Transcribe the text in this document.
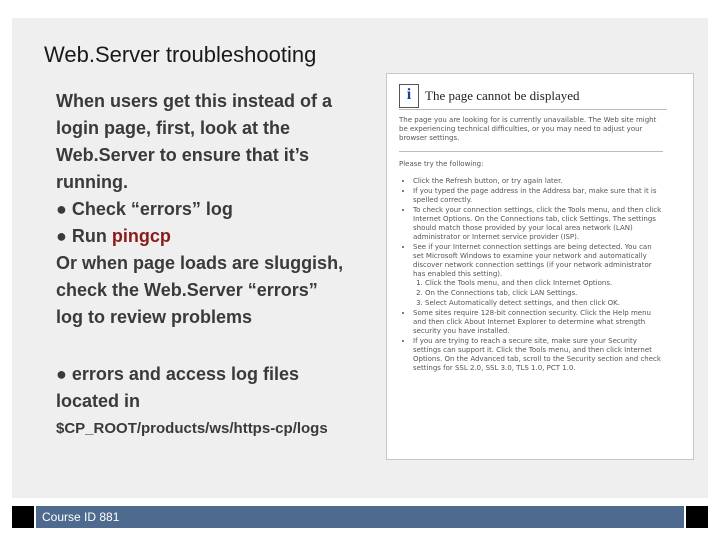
Web.Server troubleshooting
When users get this instead of a
login page, first, look at the
Web.Server to ensure that it’s
running.
● Check “errors” log
● Run pingcp
Or when page loads are sluggish,
check the Web.Server “errors”
log to review problems
● errors and access log files
located in
$CP_ROOT/products/ws/https-cp/logs
i	The page cannot be displayed

The page you are looking for is currently unavailable. The Web site might be experiencing technical difficulties, or you may need to adjust your browser settings.

Please try the following:

• Click the Refresh button, or try again later.
• If you typed the page address in the Address bar, make sure that it is spelled correctly.
• To check your connection settings, click the Tools menu, and then click Internet Options. On the Connections tab, click Settings. The settings should match those provided by your local area network (LAN) administrator or Internet service provider (ISP).
• See if your Internet connection settings are being detected. You can set Microsoft Windows to examine your network and automatically discover network connection settings (if your network administrator has enabled this setting).
1. Click the Tools menu, and then click Internet Options.
2. On the Connections tab, click LAN Settings.
3. Select Automatically detect settings, and then click OK.
• Some sites require 128-bit connection security. Click the Help menu and then click About Internet Explorer to determine what strength security you have installed.
• If you are trying to reach a secure site, make sure your Security settings can support it. Click the Tools menu, and then click Internet Options. On the Advanced tab, scroll to the Security section and check settings for SSL 2.0, SSL 3.0, TLS 1.0, PCT 1.0.
Course ID 881
